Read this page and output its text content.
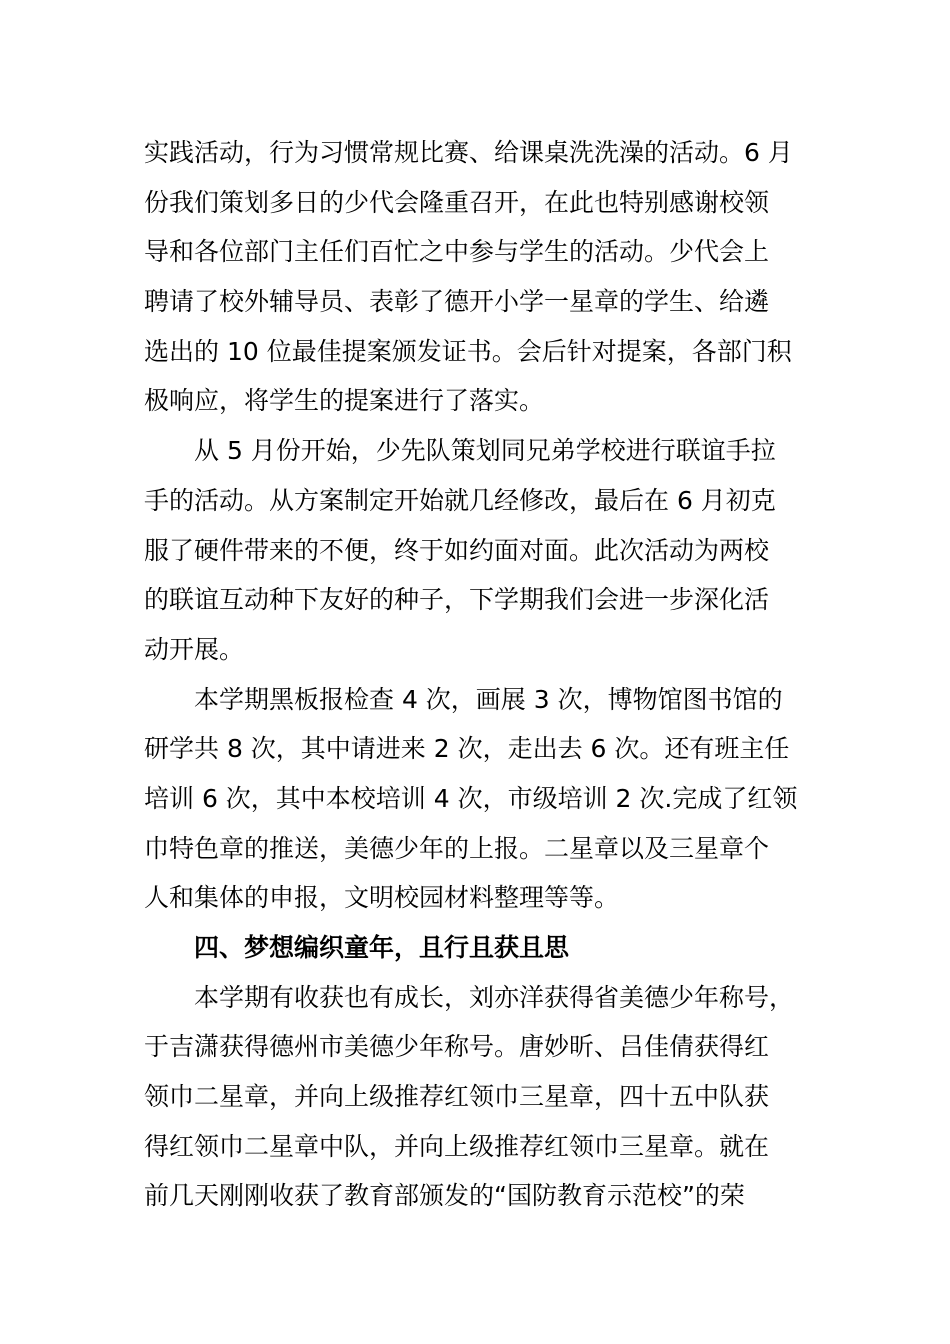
实践活动，行为习惯常规比赛、给课桌洗洗澡的活动。6 月
份我们策划多日的少代会隆重召开，在此也特别感谢校领
导和各位部门主任们百忙之中参与学生的活动。少代会上
聘请了校外辅导员、表彰了德开小学一星章的学生、给遴
选出的 10 位最佳提案颁发证书。会后针对提案，各部门积
极响应，将学生的提案进行了落实。
从 5 月份开始，少先队策划同兄弟学校进行联谊手拉
手的活动。从方案制定开始就几经修改，最后在 6 月初克
服了硬件带来的不便，终于如约面对面。此次活动为两校
的联谊互动种下友好的种子，下学期我们会进一步深化活
动开展。
本学期黑板报检查 4 次，画展 3 次，博物馆图书馆的
研学共 8 次，其中请进来 2 次，走出去 6 次。还有班主任
培训 6 次，其中本校培训 4 次，市级培训 2 次.完成了红领
巾特色章的推送，美德少年的上报。二星章以及三星章个
人和集体的申报，文明校园材料整理等等。
四、梦想编织童年，且行且获且思
本学期有收获也有成长，刘亦洋获得省美德少年称号，
于吉潇获得德州市美德少年称号。唐妙昕、吕佳倩获得红
领巾二星章，并向上级推荐红领巾三星章，四十五中队获
得红领巾二星章中队，并向上级推荐红领巾三星章。就在
前几天刚刚收获了教育部颁发的“国防教育示范校”的荣
